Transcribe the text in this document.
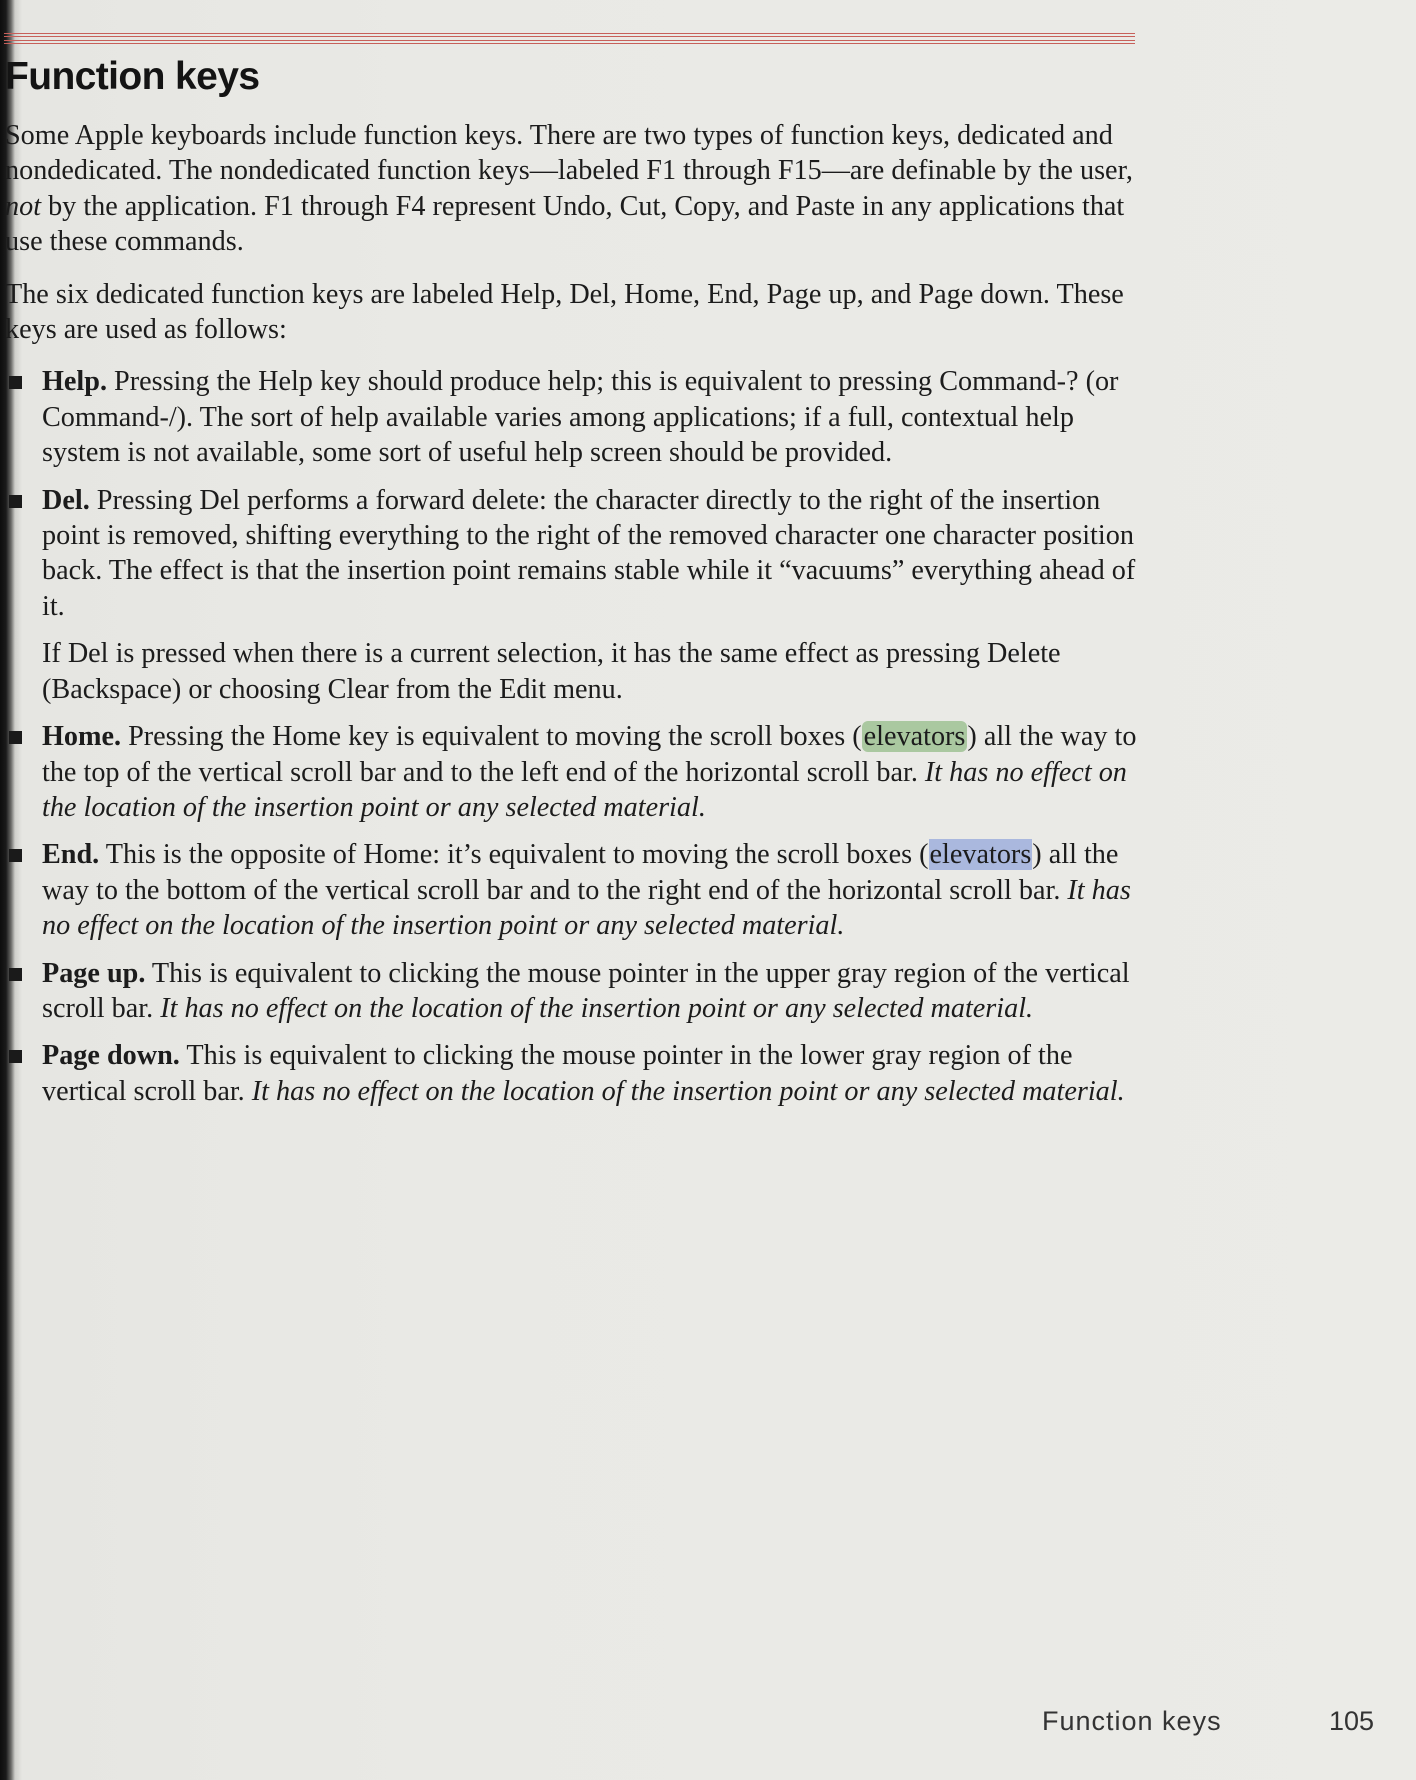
Function keys

Some Apple keyboards include function keys. There are two types of function keys, dedicated and nondedicated. The nondedicated function keys—labeled F1 through F15—are definable by the user, not by the application. F1 through F4 represent Undo, Cut, Copy, and Paste in any applications that use these commands.

The six dedicated function keys are labeled Help, Del, Home, End, Page up, and Page down. These keys are used as follows:

Help. Pressing the Help key should produce help; this is equivalent to pressing Command-? (or Command-/). The sort of help available varies among applications; if a full, contextual help system is not available, some sort of useful help screen should be provided.

Del. Pressing Del performs a forward delete: the character directly to the right of the insertion point is removed, shifting everything to the right of the removed character one character position back. The effect is that the insertion point remains stable while it “vacuums” everything ahead of it.

If Del is pressed when there is a current selection, it has the same effect as pressing Delete (Backspace) or choosing Clear from the Edit menu.

Home. Pressing the Home key is equivalent to moving the scroll boxes (elevators) all the way to the top of the vertical scroll bar and to the left end of the horizontal scroll bar. It has no effect on the location of the insertion point or any selected material.

End. This is the opposite of Home: it’s equivalent to moving the scroll boxes (elevators) all the way to the bottom of the vertical scroll bar and to the right end of the horizontal scroll bar. It has no effect on the location of the insertion point or any selected material.

Page up. This is equivalent to clicking the mouse pointer in the upper gray region of the vertical scroll bar. It has no effect on the location of the insertion point or any selected material.

Page down. This is equivalent to clicking the mouse pointer in the lower gray region of the vertical scroll bar. It has no effect on the location of the insertion point or any selected material.

Function keys	105
